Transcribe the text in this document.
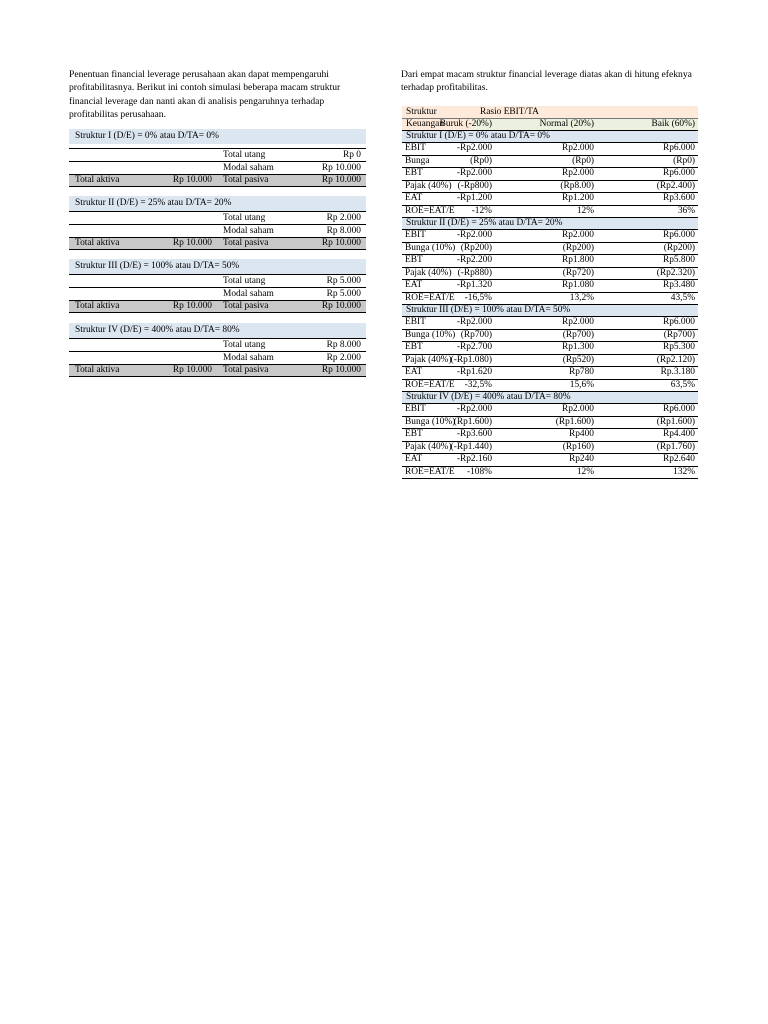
Penentuan financial leverage perusahaan akan dapat mempengaruhi profitabilitasnya. Berikut ini contoh simulasi beberapa macam struktur financial leverage dan nanti akan di analisis pengaruhnya terhadap profitabilitas perusahaan.
Dari empat macam struktur financial leverage diatas akan di hitung efeknya terhadap profitabilitas.
Struktur I (D/E) = 0% atau D/TA= 0%
Total utang	Rp 0
Modal saham	Rp 10.000
Total aktiva	Rp 10.000 Total pasiva	Rp 10.000
Struktur II (D/E) = 25% atau D/TA= 20%
Total utang	Rp 2.000
Modal saham	Rp 8.000
Total aktiva	Rp 10.000 Total pasiva	Rp 10.000
Struktur III (D/E) = 100% atau D/TA= 50%
Total utang	Rp 5.000
Modal saham	Rp 5.000
Total aktiva	Rp 10.000 Total pasiva	Rp 10.000
Struktur IV (D/E) = 400% atau D/TA= 80%
Total utang	Rp 8.000
Modal saham	Rp 2.000
Total aktiva	Rp 10.000 Total pasiva	Rp 10.000
Struktur	Rasio EBIT/TA
Keuangan
Buruk (-20%)	Normal (20%)	Baik (60%)
Struktur I (D/E) = 0% atau D/TA= 0%
EBIT	-Rp2.000	Rp2.000	Rp6.000
Bunga	(Rp0)	(Rp0)	(Rp0)
EBT	-Rp2.000	Rp2.000	Rp6.000
Pajak (40%) (-Rp800)	(Rp8.00)	(Rp2.400)
EAT	-Rp1.200	Rp1.200	Rp3.600
ROE=EAT/E -12%	12%	36%
Struktur II (D/E) = 25% atau D/TA= 20%
EBIT	-Rp2.000	Rp2.000	Rp6.000
Bunga (10%) (Rp200)	(Rp200)	(Rp200)
EBT	-Rp2.200	Rp1.800	Rp5.800
Pajak (40%) (-Rp880)	(Rp720)	(Rp2.320)
EAT	-Rp1.320	Rp1.080	Rp3.480
ROE=EAT/E -16,5%	13,2%	43,5%
Struktur III (D/E) = 100% atau D/TA= 50%
EBIT	-Rp2.000	Rp2.000	Rp6.000
Bunga (10%) (Rp700)	(Rp700)	(Rp700)
EBT	-Rp2.700	Rp1.300	Rp5.300
Pajak (40%)
(-Rp1.080)	(Rp520)	(Rp2.120)
EAT	-Rp1.620	Rp780	Rp.3.180
ROE=EAT/E -32,5%	15,6%	63,5%
Struktur IV (D/E) = 400% atau D/TA= 80%
EBIT	-Rp2.000	Rp2.000	Rp6.000
Bunga (10%)
(Rp1.600)	(Rp1.600)	(Rp1.600)
EBT	-Rp3.600	Rp400	Rp4.400
Pajak (40%)
(-Rp1.440)	(Rp160)	(Rp1.760)
EAT	-Rp2.160	Rp240	Rp2.640
ROE=EAT/E -108%	12%	132%
